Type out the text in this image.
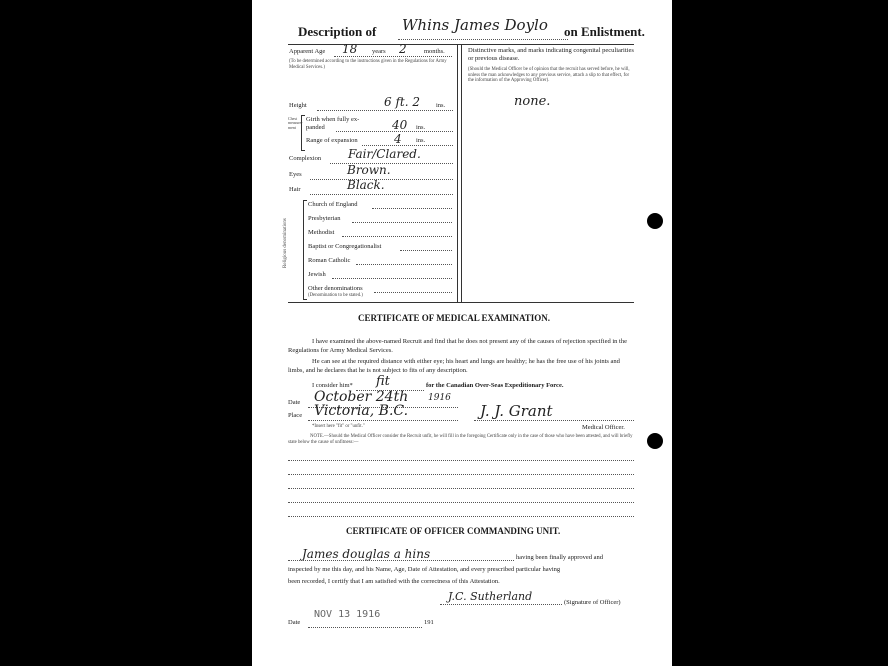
Description of Whins James Doylo on Enlistment.
Apparent Age 18 years 2	months.
(To be determined according to the instructions given in the Regulations for Army Medical Services.)
Height	6 ft. 2 ins.
Chest measure-ment
Girth when fully ex-
panded	40 ins.
Range of expansion	4 ins.
Complexion Fair/Clared.
Eyes	Brown.
Hair	Black.
Religious denominations
Church of England
Presbyterian
Methodist
Baptist or Congregationalist
Roman Catholic
Jewish
Other denominations
(Denomination to be stated.)
Distinctive marks, and marks indicating congenital peculiarities or previous disease.
(Should the Medical Officer be of opinion that the recruit has served before, he will, unless the man acknowledges to any previous service, attach a slip to that effect, for the information of the Approving Officer).
none.
CERTIFICATE OF MEDICAL EXAMINATION.
I have examined the above-named Recruit and find that he does not present any of the causes of rejection specified in the Regulations for Army Medical Services.
He can see at the required distance with either eye; his heart and lungs are healthy; he has the free use of his joints and limbs, and he declares that he is not subject to fits of any description.
I consider him* fit	for the Canadian Over-Seas Expeditionary Force.
Date October 24th 1916
Place Victoria, B.C.	J. J. Grant
Medical Officer.
*Insert here "fit" or "unfit."
NOTE.—Should the Medical Officer consider the Recruit unfit, he will fill in the foregoing Certificate only in the case of those who have been attested, and will briefly state below the cause of unfitness:—
CERTIFICATE OF OFFICER COMMANDING UNIT.
James douglas a hins	having been finally approved and
inspected by me this day, and his Name, Age, Date of Attestation, and every prescribed particular having
been recorded, I certify that I am satisfied with the correctness of this Attestation.
J.C. Sutherland	(Signature of Officer)
Date
NOV 13 1916
191
